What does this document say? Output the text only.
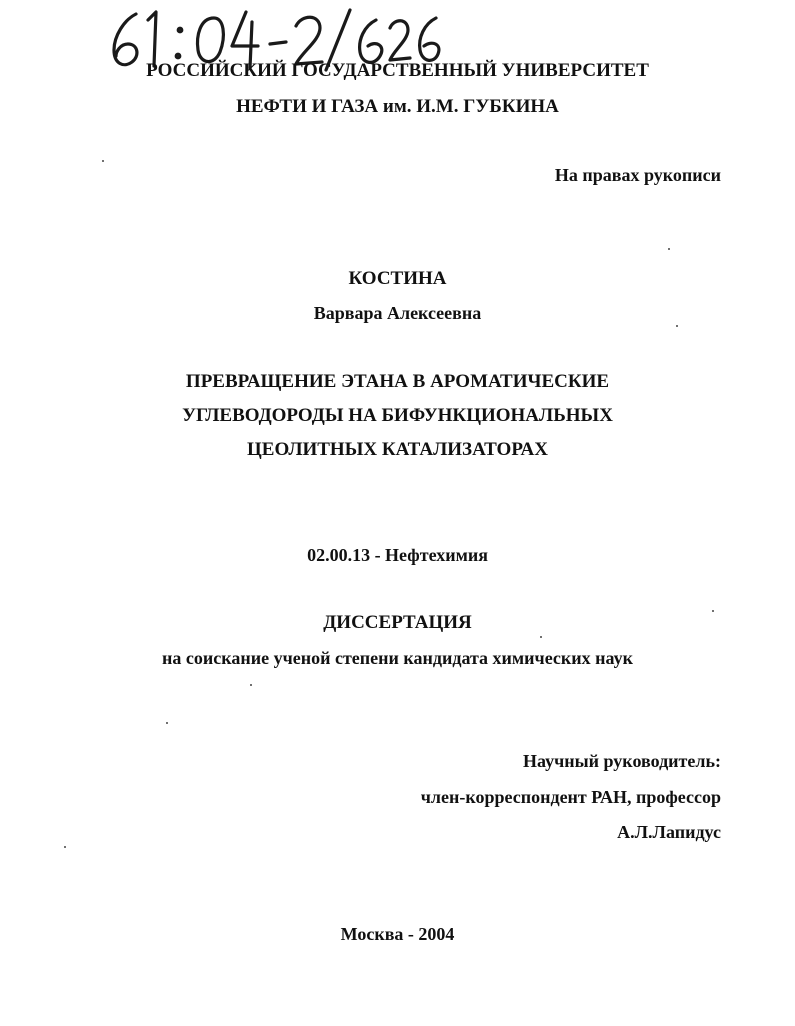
РОССИЙСКИЙ ГОСУДАРСТВЕННЫЙ УНИВЕРСИТЕТ
НЕФТИ И ГАЗА им. И.М. ГУБКИНА
На правах рукописи
КОСТИНА
Варвара Алексеевна
ПРЕВРАЩЕНИЕ ЭТАНА В АРОМАТИЧЕСКИЕ
УГЛЕВОДОРОДЫ НА БИФУНКЦИОНАЛЬНЫХ
ЦЕОЛИТНЫХ КАТАЛИЗАТОРАХ
02.00.13 - Нефтехимия
ДИССЕРТАЦИЯ
на соискание ученой степени кандидата химических наук
Научный руководитель:
член-корреспондент РАН, профессор
А.Л.Лапидус
Москва - 2004
